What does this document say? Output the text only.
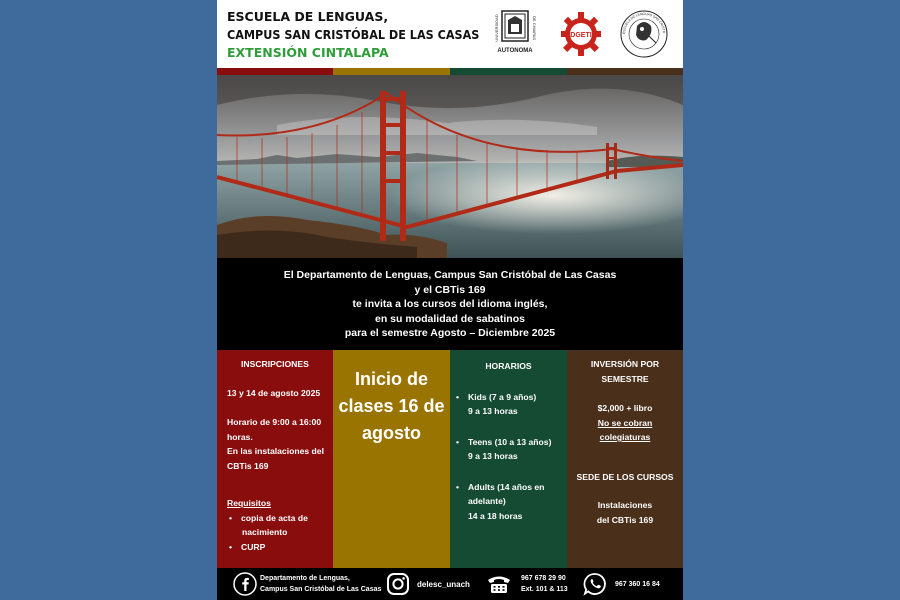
ESCUELA DE LENGUAS,
CAMPUS SAN CRISTÓBAL DE LAS CASAS
EXTENSIÓN CINTALAPA
UNIVERSIDAD	DE CHIAPAS
AUTONOMA
DGETI	ESCUELA DE LENGUAS SAN CRISTÓ
El Departamento de Lenguas, Campus San Cristóbal de Las Casas
y el CBTis 169
te invita a los cursos del idioma inglés,
en su modalidad de sabatinos
para el semestre Agosto – Diciembre 2025
INSCRIPCIONES
13 y 14 de agosto 2025
Horario de 9:00 a 16:00
horas.
En las instalaciones del
CBTis 169
Requisitos
• copia de acta de
nacimiento
• CURP
Inicio de
clases 16 de
agosto
HORARIOS
• Kids (7 a 9 años)
9 a 13 horas
• Teens (10 a 13 años)
9 a 13 horas
• Adults (14 años en
adelante)
14 a 18 horas
INVERSIÓN POR
SEMESTRE
$2,000 + libro
No se cobran
colegiaturas
SEDE DE LOS CURSOS
Instalaciones
del CBTis 169
Departamento de Lenguas,
Campus San Cristóbal de Las Casas
delesc_unach
967 678 29 90
Ext. 101 & 113
967 360 16 84
